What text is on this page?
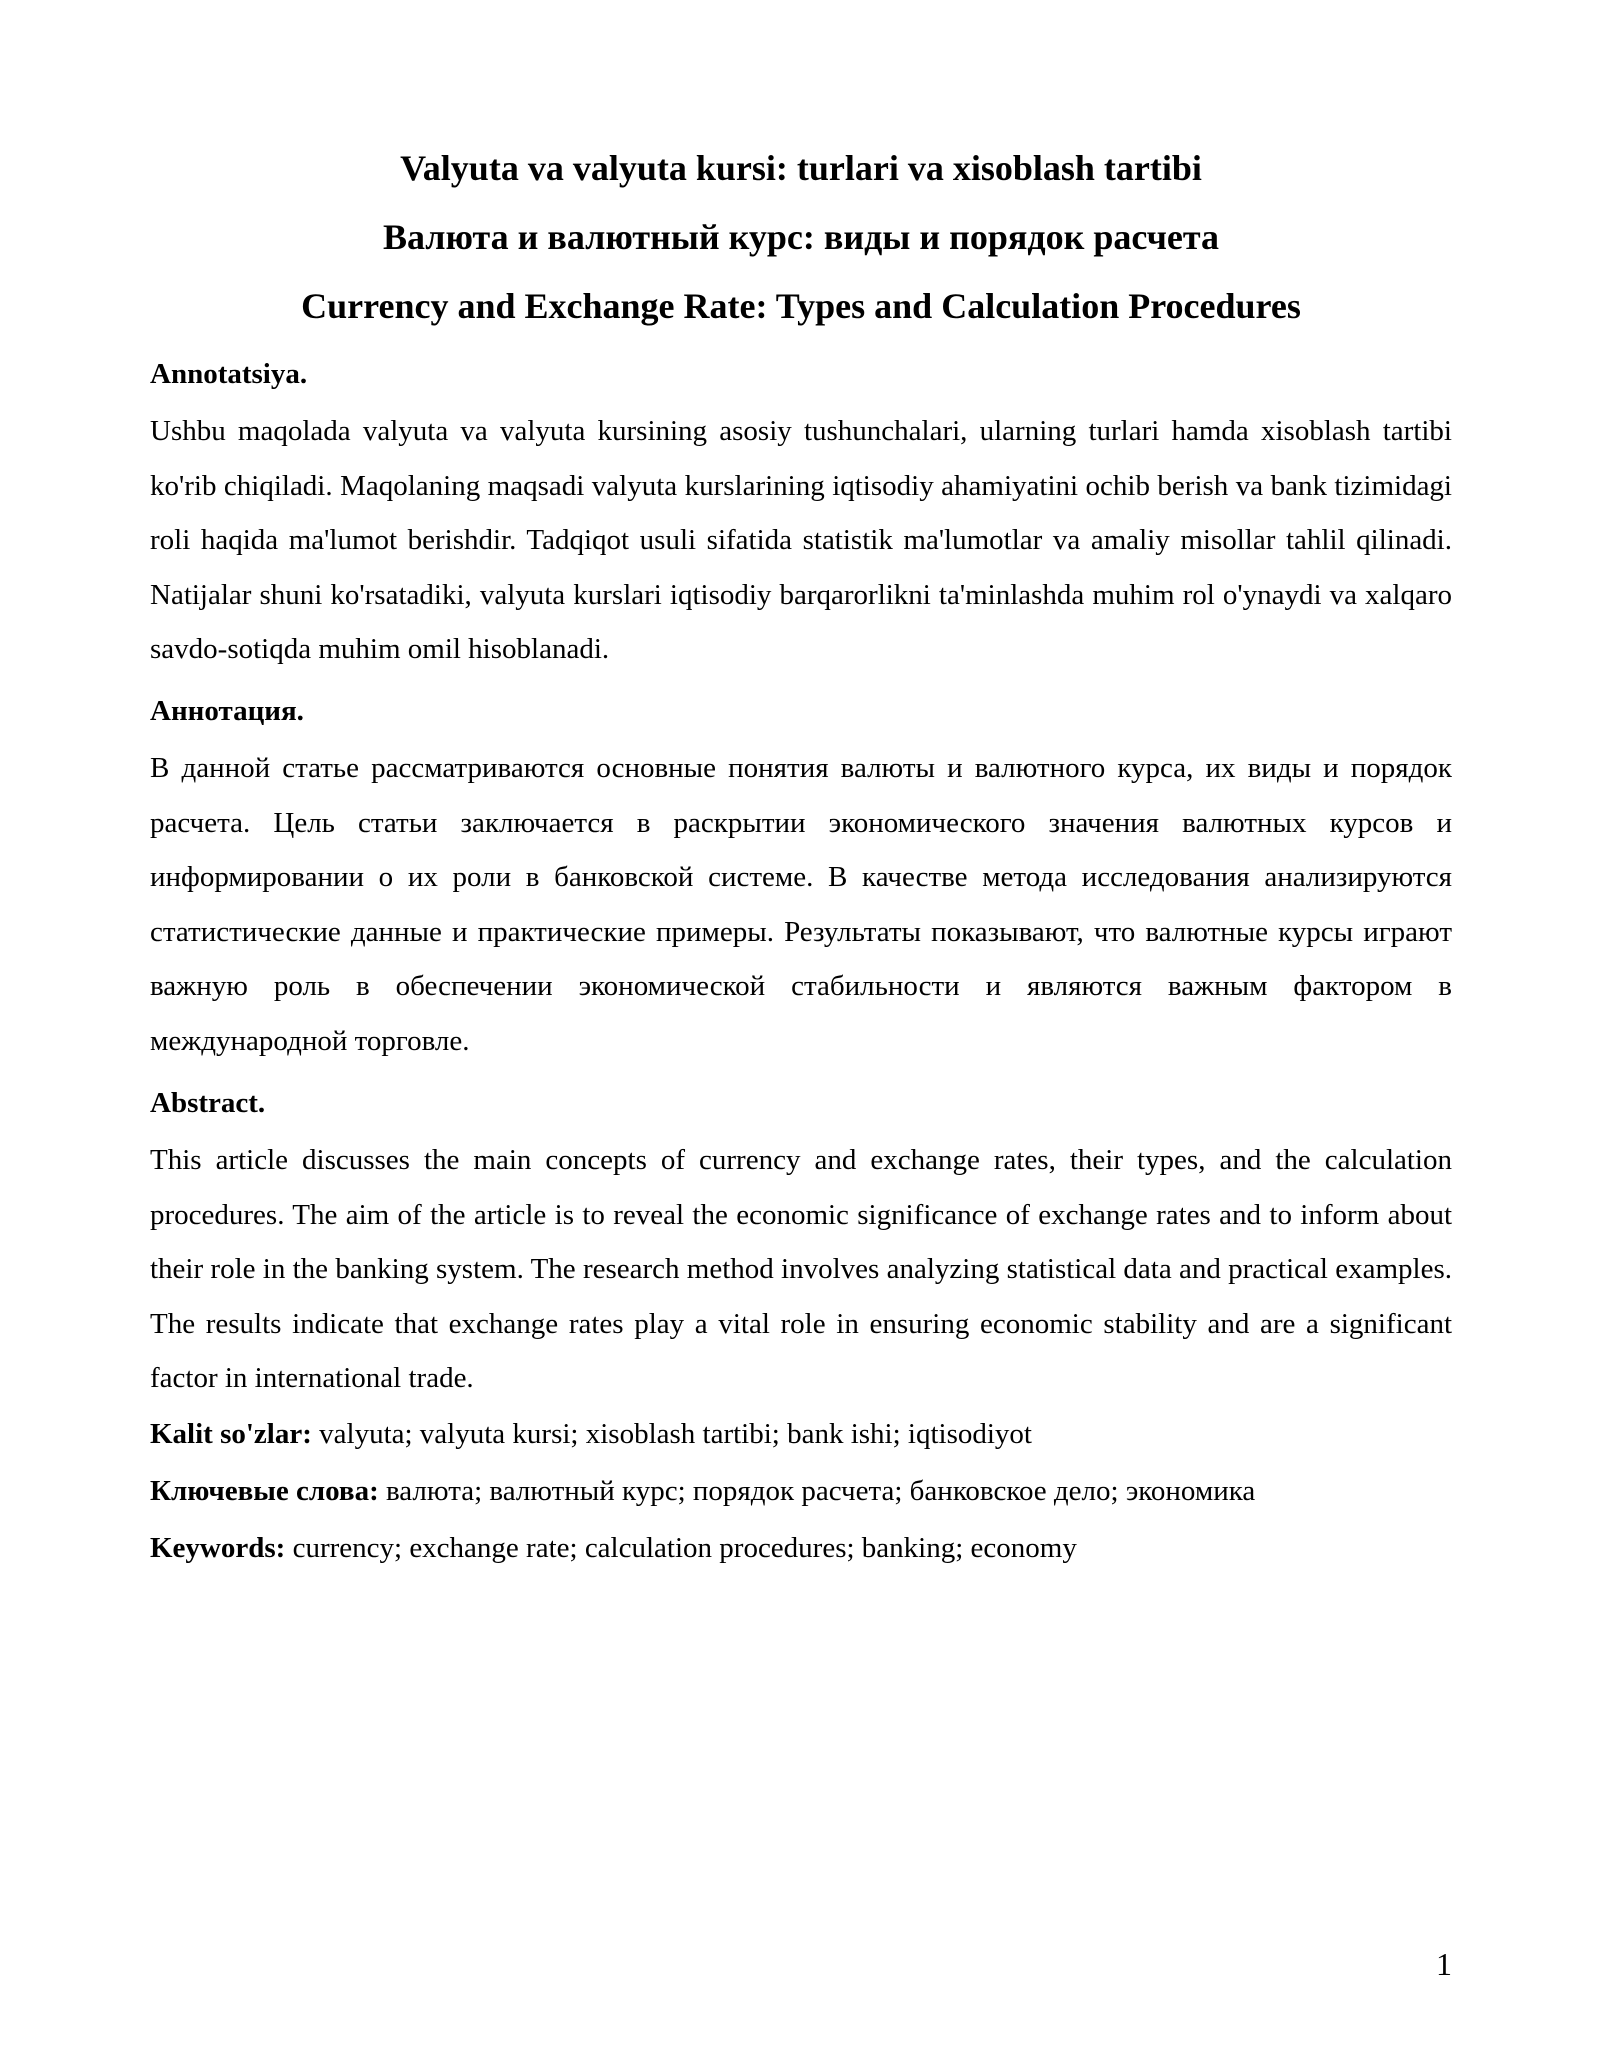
Valyuta va valyuta kursi: turlari va xisoblash tartibi
Валюта и валютный курс: виды и порядок расчета
Currency and Exchange Rate: Types and Calculation Procedures
Annotatsiya.

Ushbu maqolada valyuta va valyuta kursining asosiy tushunchalari, ularning turlari hamda xisoblash tartibi ko'rib chiqiladi. Maqolaning maqsadi valyuta kurslarining iqtisodiy ahamiyatini ochib berish va bank tizimidagi roli haqida ma'lumot berishdir. Tadqiqot usuli sifatida statistik ma'lumotlar va amaliy misollar tahlil qilinadi. Natijalar shuni ko'rsatadiki, valyuta kurslari iqtisodiy barqarorlikni ta'minlashda muhim rol o'ynaydi va xalqaro savdo-sotiqda muhim omil hisoblanadi.

Аннотация.

В данной статье рассматриваются основные понятия валюты и валютного курса, их виды и порядок расчета. Цель статьи заключается в раскрытии экономического значения валютных курсов и информировании о их роли в банковской системе. В качестве метода исследования анализируются статистические данные и практические примеры. Результаты показывают, что валютные курсы играют важную роль в обеспечении экономической стабильности и являются важным фактором в международной торговле.

Abstract.

This article discusses the main concepts of currency and exchange rates, their types, and the calculation procedures. The aim of the article is to reveal the economic significance of exchange rates and to inform about their role in the banking system. The research method involves analyzing statistical data and practical examples. The results indicate that exchange rates play a vital role in ensuring economic stability and are a significant factor in international trade.

Kalit so'zlar: valyuta; valyuta kursi; xisoblash tartibi; bank ishi; iqtisodiyot

Ключевые слова: валюта; валютный курс; порядок расчета; банковское дело; экономика

Keywords: currency; exchange rate; calculation procedures; banking; economy

1
